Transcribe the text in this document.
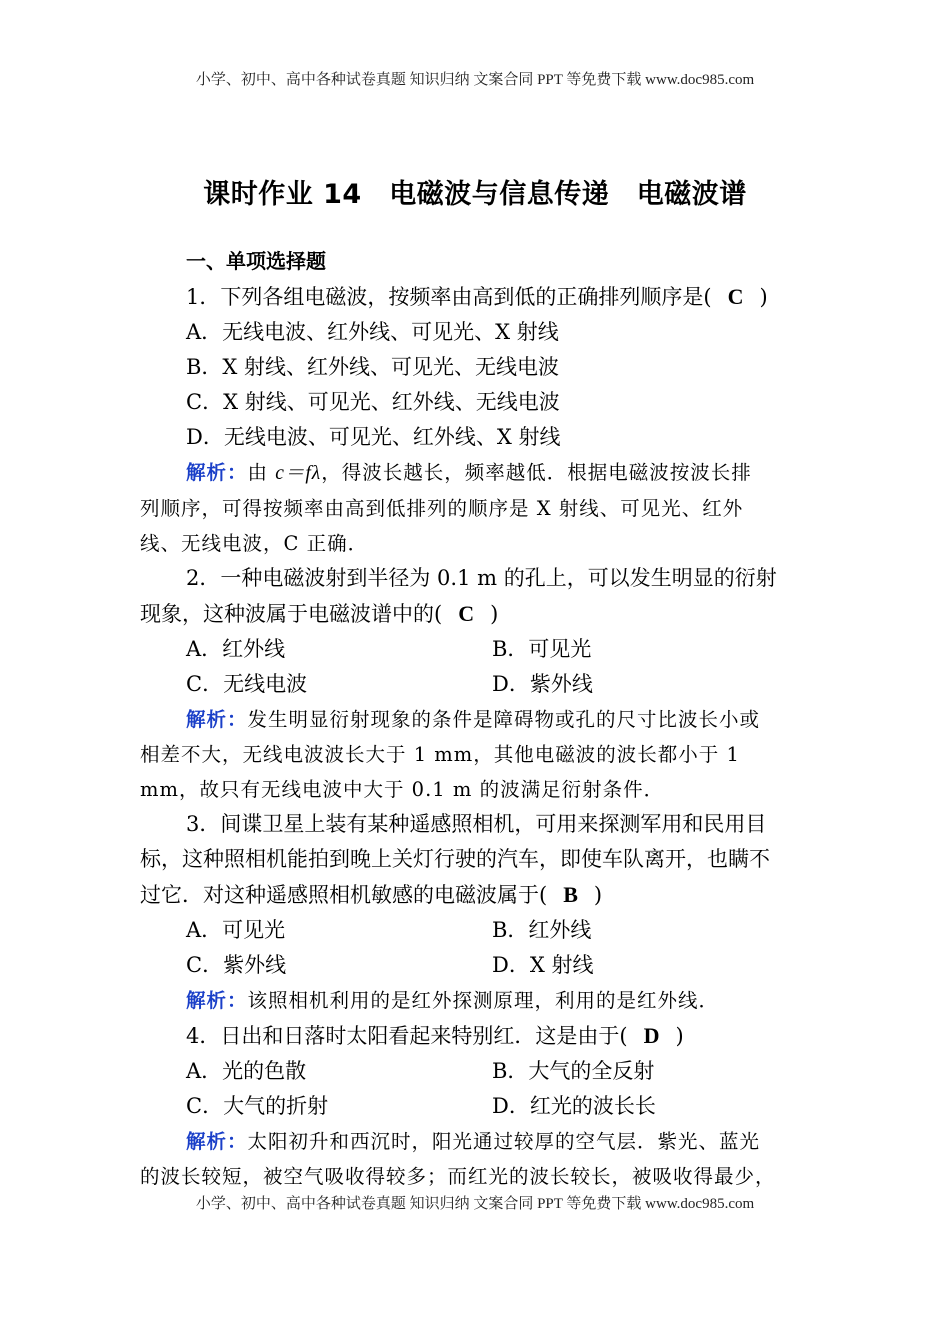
小学、初中、高中各种试卷真题 知识归纳 文案合同 PPT 等免费下载 www.doc985.com
课时作业 14　电磁波与信息传递　电磁波谱
一、单项选择题
1．下列各组电磁波，按频率由高到低的正确排列顺序是( C )
A．无线电波、红外线、可见光、X 射线
B．X 射线、红外线、可见光、无线电波
C．X 射线、可见光、红外线、无线电波
D．无线电波、可见光、红外线、X 射线
解析：由 c＝fλ，得波长越长，频率越低．根据电磁波按波长排
列顺序，可得按频率由高到低排列的顺序是 X 射线、可见光、红外
线、无线电波，C 正确．
2．一种电磁波射到半径为 0.1 m 的孔上，可以发生明显的衍射
现象，这种波属于电磁波谱中的( C )
A．红外线	B．可见光
C．无线电波	D．紫外线
解析：发生明显衍射现象的条件是障碍物或孔的尺寸比波长小或
相差不大，无线电波波长大于 1 mm，其他电磁波的波长都小于 1
mm，故只有无线电波中大于 0.1 m 的波满足衍射条件．
3．间谍卫星上装有某种遥感照相机，可用来探测军用和民用目
标，这种照相机能拍到晚上关灯行驶的汽车，即使车队离开，也瞒不
过它．对这种遥感照相机敏感的电磁波属于( B )
A．可见光	B．红外线
C．紫外线	D．X 射线
解析：该照相机利用的是红外探测原理，利用的是红外线．
4．日出和日落时太阳看起来特别红．这是由于( D )
A．光的色散	B．大气的全反射
C．大气的折射	D．红光的波长长
解析：太阳初升和西沉时，阳光通过较厚的空气层．紫光、蓝光
的波长较短，被空气吸收得较多；而红光的波长较长，被吸收得最少，
小学、初中、高中各种试卷真题 知识归纳 文案合同 PPT 等免费下载 www.doc985.com
